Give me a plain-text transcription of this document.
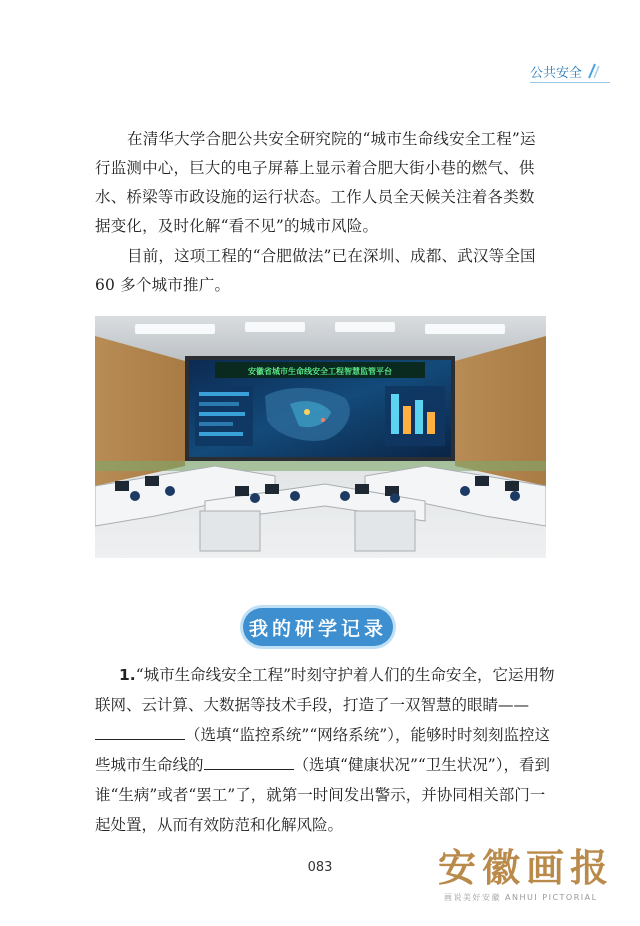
公共安全

在清华大学合肥公共安全研究院的“城市生命线安全工程”运行监测中心，巨大的电子屏幕上显示着合肥大街小巷的燃气、供水、桥梁等市政设施的运行状态。工作人员全天候关注着各类数据变化，及时化解“看不见”的城市风险。

目前，这项工程的“合肥做法”已在深圳、成都、武汉等全国 60 多个城市推广。

安徽省城市生命线安全工程智慧监管平台
我的研学记录

1.“城市生命线安全工程”时刻守护着人们的生命安全，它运用物联网、云计算、大数据等技术手段，打造了一双智慧的眼睛——（选填“监控系统”“网络系统”），能够时时刻刻监控这些城市生命线的	（选填“健康状况”“卫生状况”），看到谁“生病”或者“罢工”了，就第一时间发出警示，并协同相关部门一起处置，从而有效防范和化解风险。

083	安徽画报
画说美好安徽 ANHUI PICTORIAL
